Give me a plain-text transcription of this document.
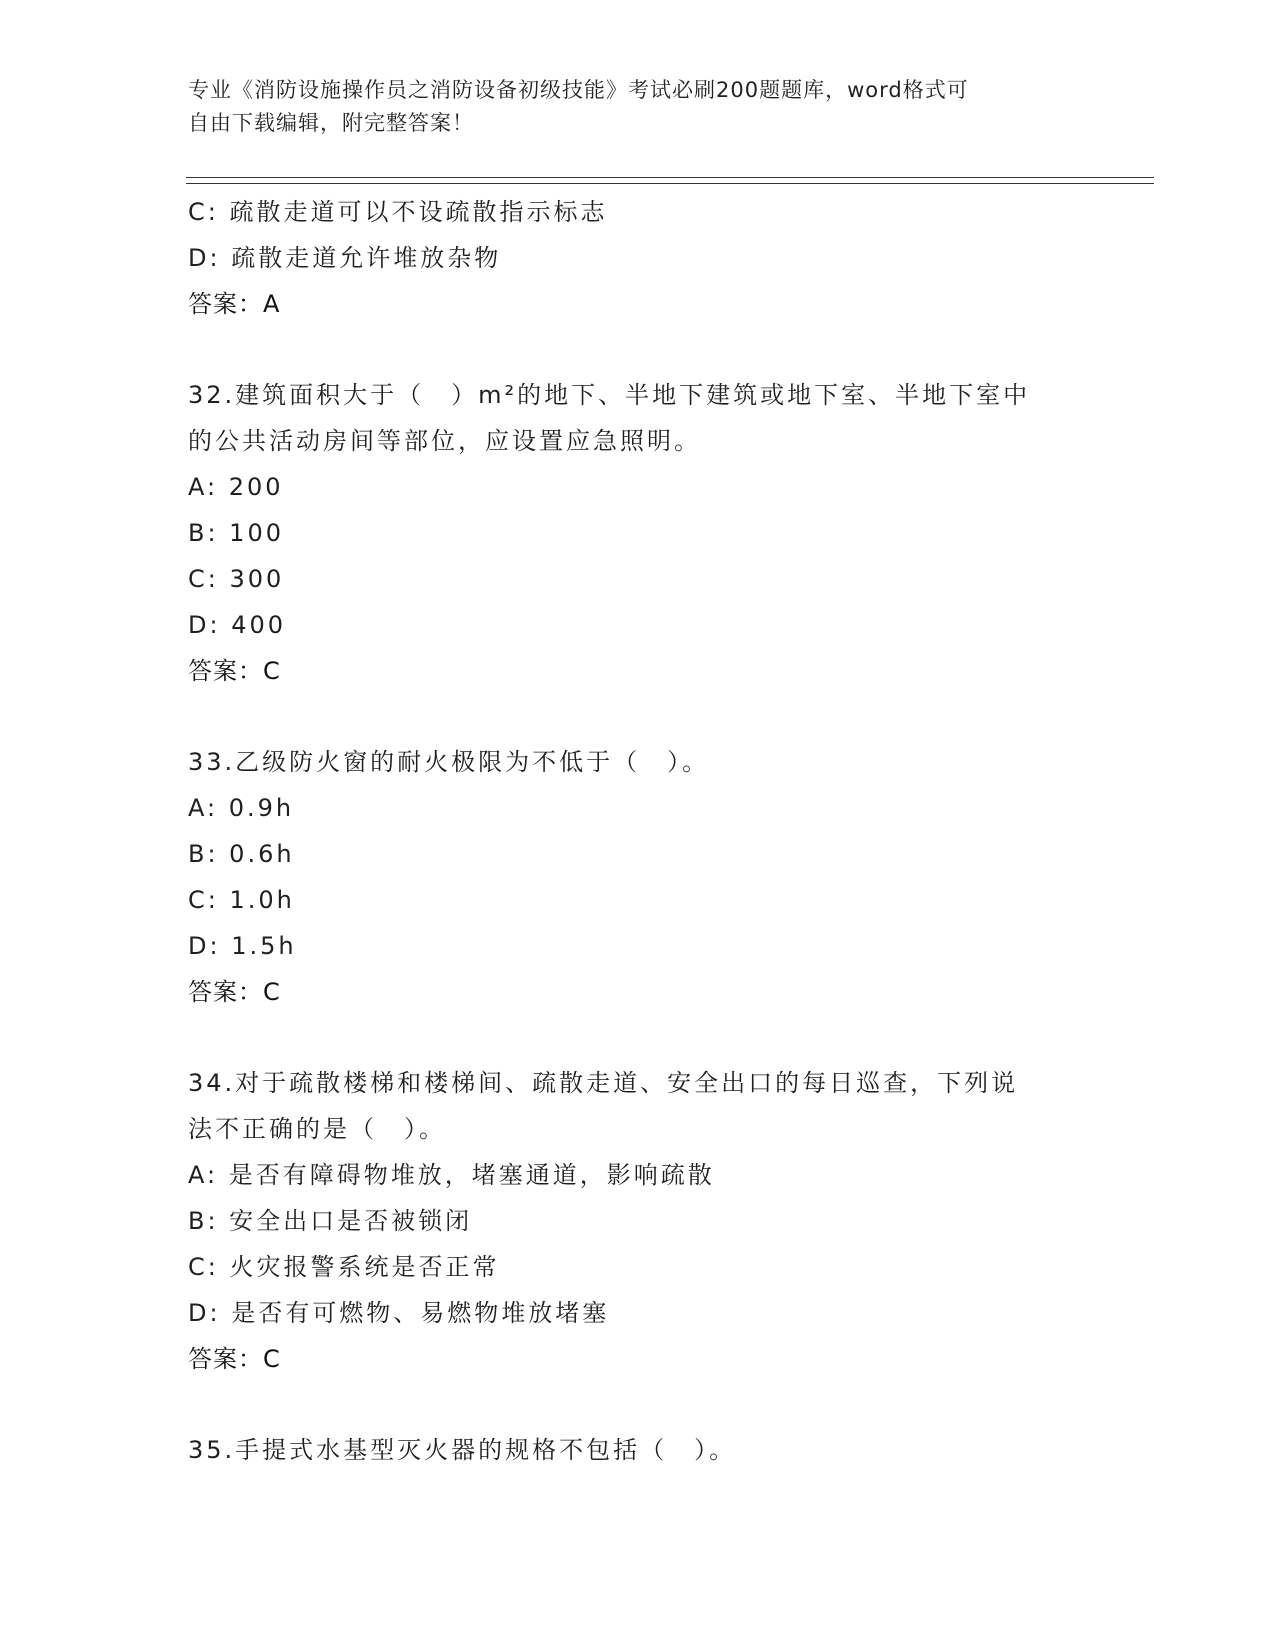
专业《消防设施操作员之消防设备初级技能》考试必刷200题题库，word格式可
自由下载编辑，附完整答案！
C: 疏散走道可以不设疏散指示标志
D: 疏散走道允许堆放杂物
答案：A
32.建筑面积大于（　）m²的地下、半地下建筑或地下室、半地下室中
的公共活动房间等部位，应设置应急照明。
A: 200
B: 100
C: 300
D: 400
答案：C
33.乙级防火窗的耐火极限为不低于（　）。
A: 0.9h
B: 0.6h
C: 1.0h
D: 1.5h
答案：C
34.对于疏散楼梯和楼梯间、疏散走道、安全出口的每日巡查，下列说
法不正确的是（　）。
A: 是否有障碍物堆放，堵塞通道，影响疏散
B: 安全出口是否被锁闭
C: 火灾报警系统是否正常
D: 是否有可燃物、易燃物堆放堵塞
答案：C
35.手提式水基型灭火器的规格不包括（　）。
